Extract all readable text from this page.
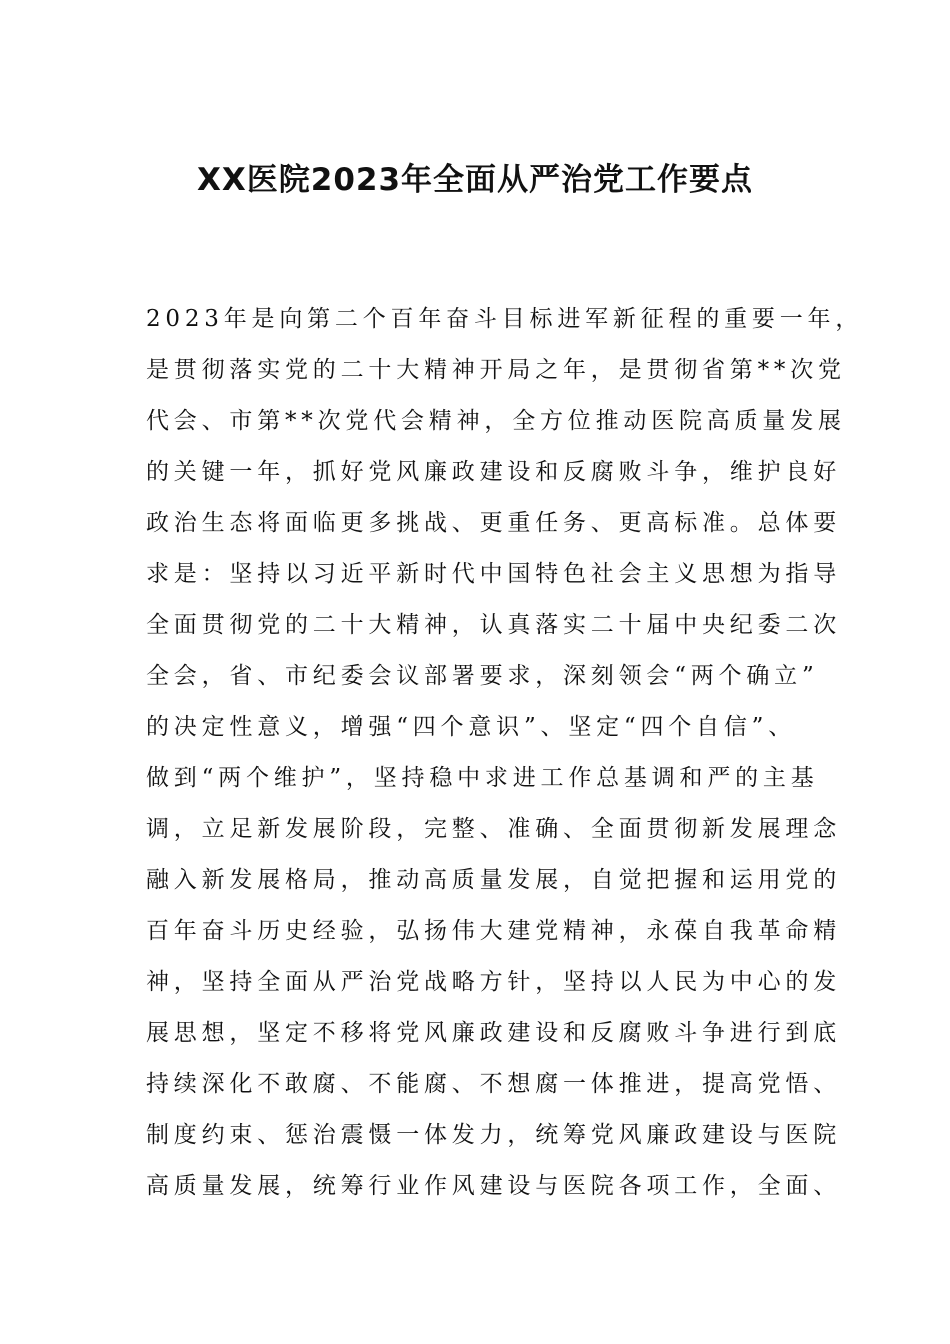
XX医院2023年全面从严治党工作要点
2023年是向第二个百年奋斗目标进军新征程的重要一年，
是贯彻落实党的二十大精神开局之年，是贯彻省第**次党
代会、市第**次党代会精神，全方位推动医院高质量发展
的关键一年，抓好党风廉政建设和反腐败斗争，维护良好
政治生态将面临更多挑战、更重任务、更高标准。总体要
求是：坚持以习近平新时代中国特色社会主义思想为指导
全面贯彻党的二十大精神，认真落实二十届中央纪委二次
全会，省、市纪委会议部署要求，深刻领会“两个确立”
的决定性意义，增强“四个意识”、坚定“四个自信”、
做到“两个维护”，坚持稳中求进工作总基调和严的主基
调，立足新发展阶段，完整、准确、全面贯彻新发展理念
融入新发展格局，推动高质量发展，自觉把握和运用党的
百年奋斗历史经验，弘扬伟大建党精神，永葆自我革命精
神，坚持全面从严治党战略方针，坚持以人民为中心的发
展思想，坚定不移将党风廉政建设和反腐败斗争进行到底
持续深化不敢腐、不能腐、不想腐一体推进，提高党悟、
制度约束、惩治震慑一体发力，统筹党风廉政建设与医院
高质量发展，统筹行业作风建设与医院各项工作，全面、
